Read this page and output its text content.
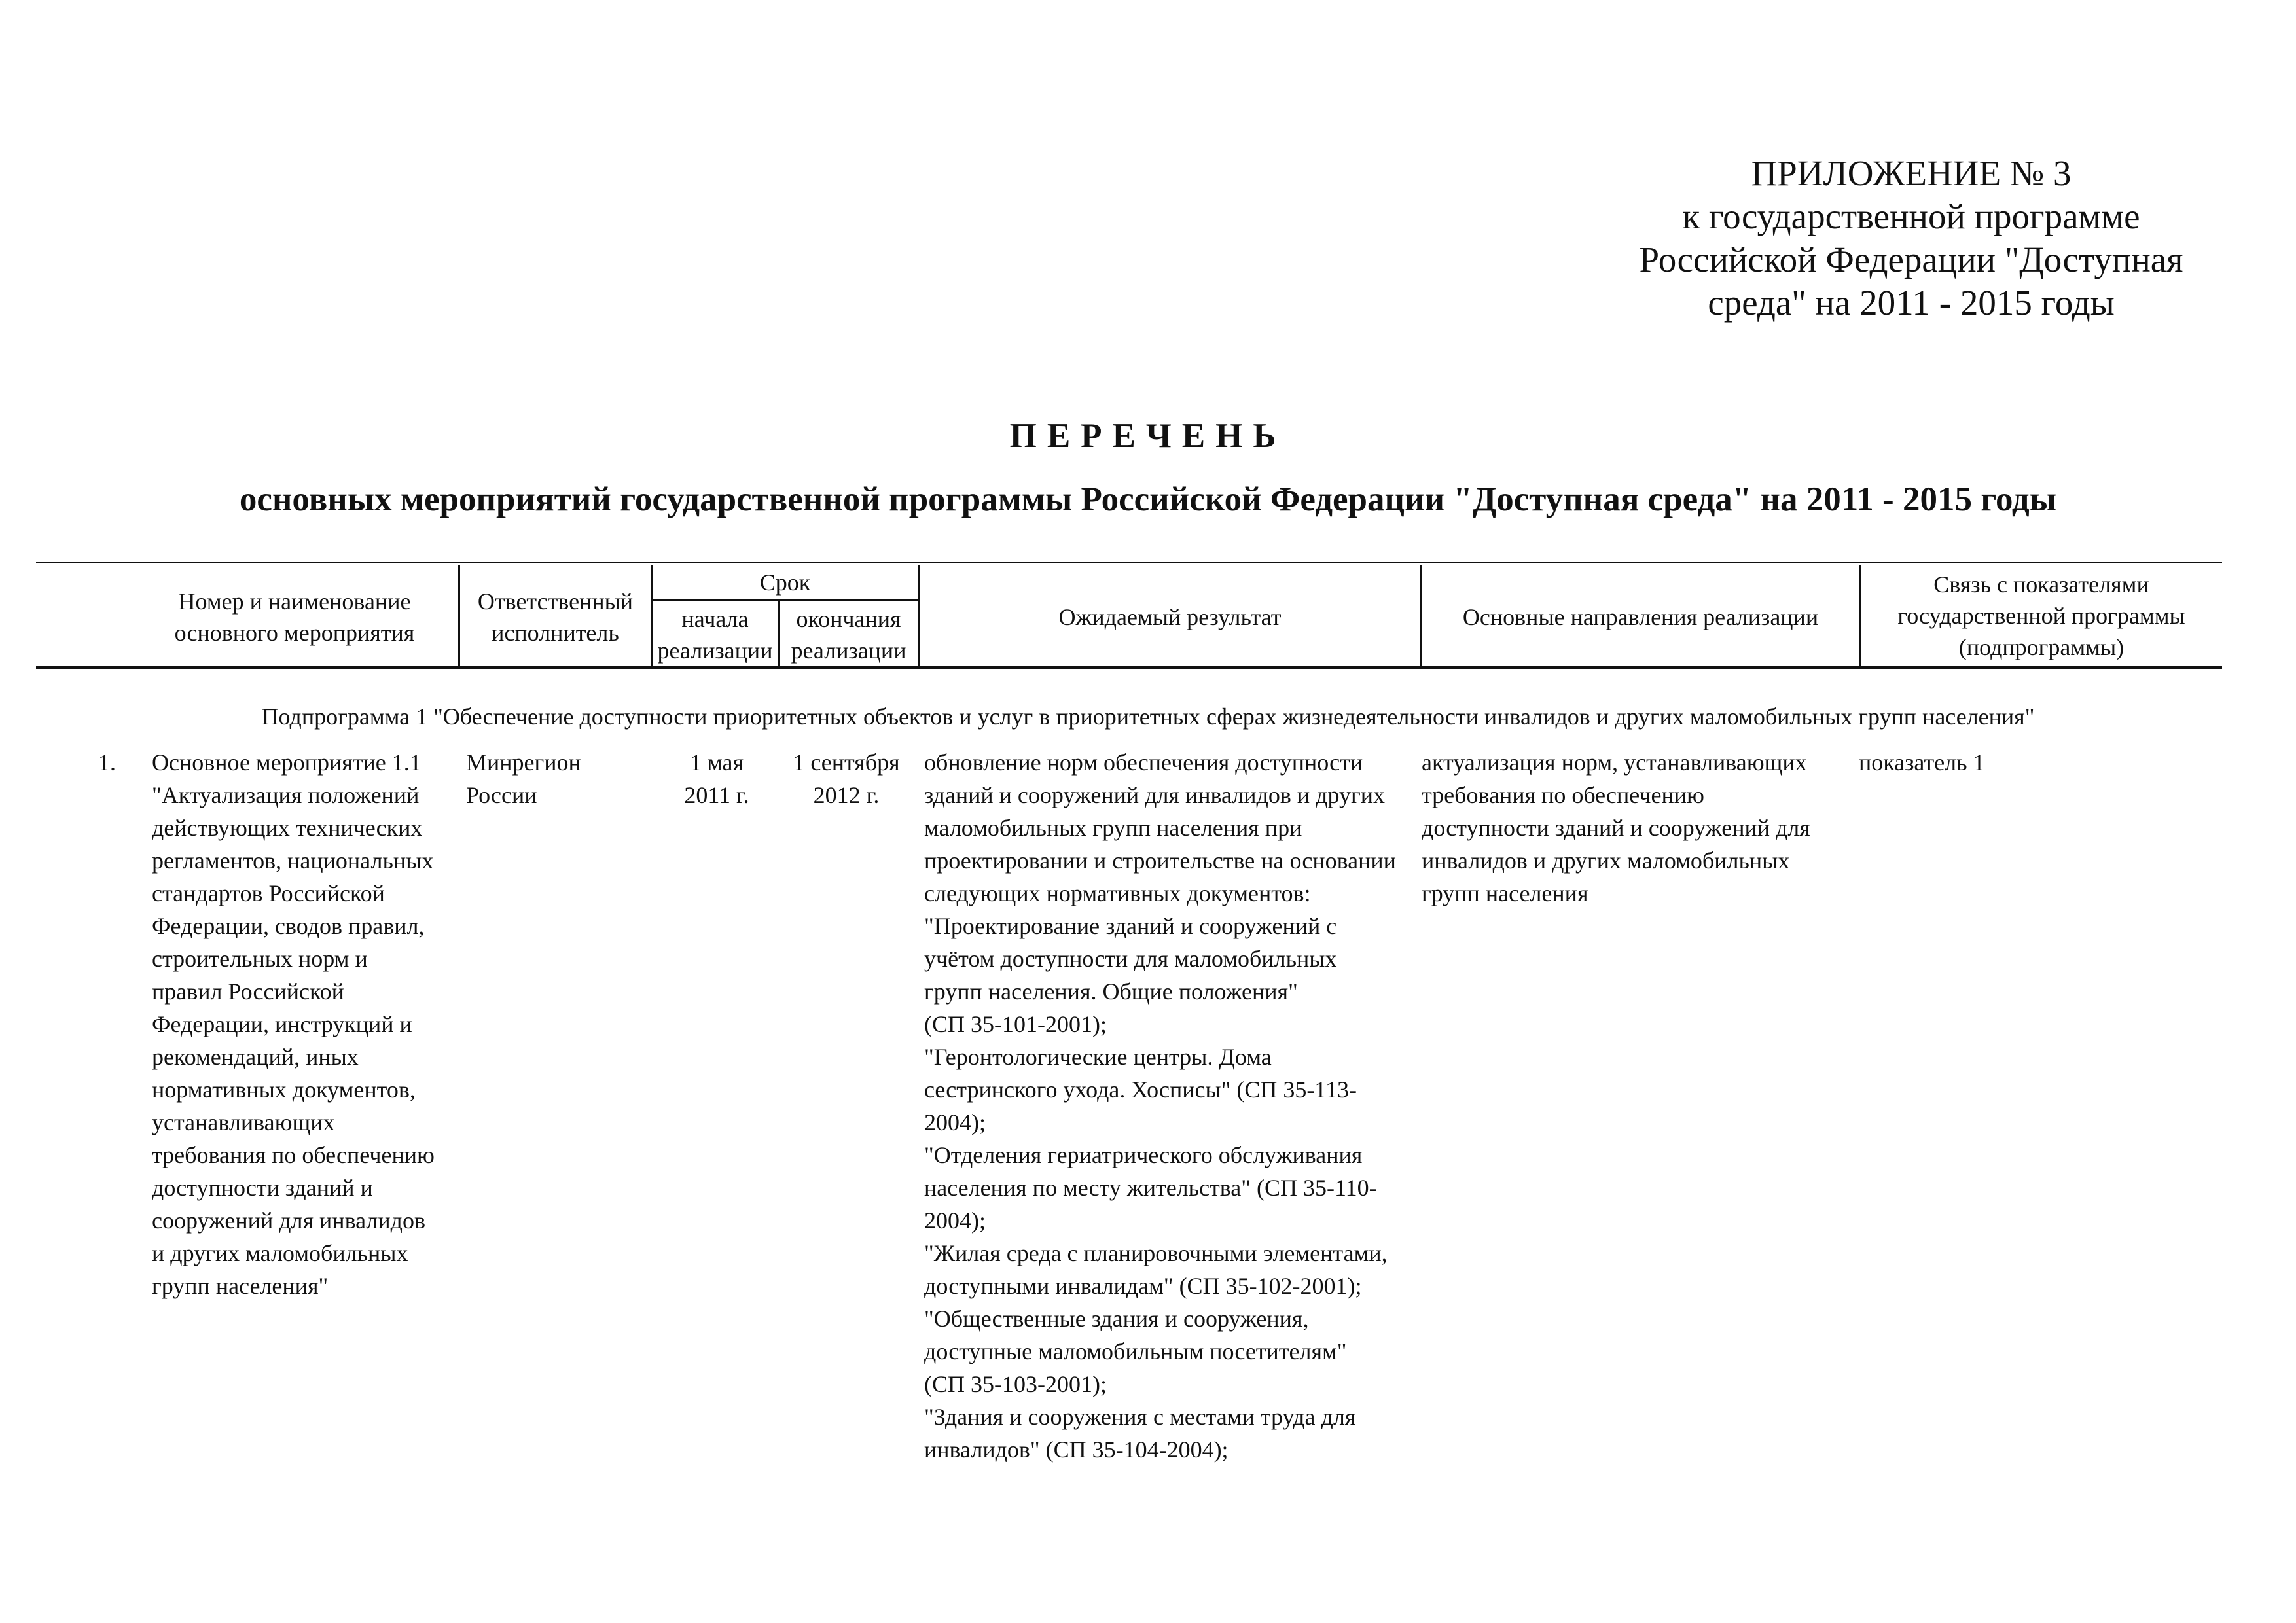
ПРИЛОЖЕНИЕ № 3
к государственной программе
Российской Федерации "Доступная
среда" на 2011 - 2015 годы
ПЕРЕЧЕНЬ
основных мероприятий государственной программы Российской Федерации "Доступная среда" на 2011 - 2015 годы
Номер и наименование
основного мероприятия
Ответственный
исполнитель
Срок
начала
реализации
окончания
реализации
Ожидаемый результат	Основные направления реализации
Связь с показателями
государственной программы
(подпрограммы)
Подпрограмма 1 "Обеспечение доступности приоритетных объектов и услуг в приоритетных сферах жизнедеятельности инвалидов и других маломобильных групп населения"
1. Основное мероприятие 1.1
"Актуализация положений
действующих технических
регламентов, национальных
стандартов Российской
Федерации, сводов правил,
строительных норм и
правил Российской
Федерации, инструкций и
рекомендаций, иных
нормативных документов,
устанавливающих
требования по обеспечению
доступности зданий и
сооружений для инвалидов
и других маломобильных
групп населения"
Минрегион
России
1 мая
2011 г.
1 сентября
2012 г.
обновление норм обеспечения доступности
зданий и сооружений для инвалидов и других
маломобильных групп населения при
проектировании и строительстве на основании
следующих нормативных документов:
"Проектирование зданий и сооружений с
учётом доступности для маломобильных
групп населения. Общие положения"
(СП 35-101-2001);
"Геронтологические центры. Дома
сестринского ухода. Хосписы" (СП 35-113-
2004);
"Отделения гериатрического обслуживания
населения по месту жительства" (СП 35-110-
2004);
"Жилая среда с планировочными элементами,
доступными инвалидам" (СП 35-102-2001);
"Общественные здания и сооружения,
доступные маломобильным посетителям"
(СП 35-103-2001);
"Здания и сооружения с местами труда для
инвалидов" (СП 35-104-2004);
актуализация норм, устанавливающих
требования по обеспечению
доступности зданий и сооружений для
инвалидов и других маломобильных
групп населения
показатель 1
